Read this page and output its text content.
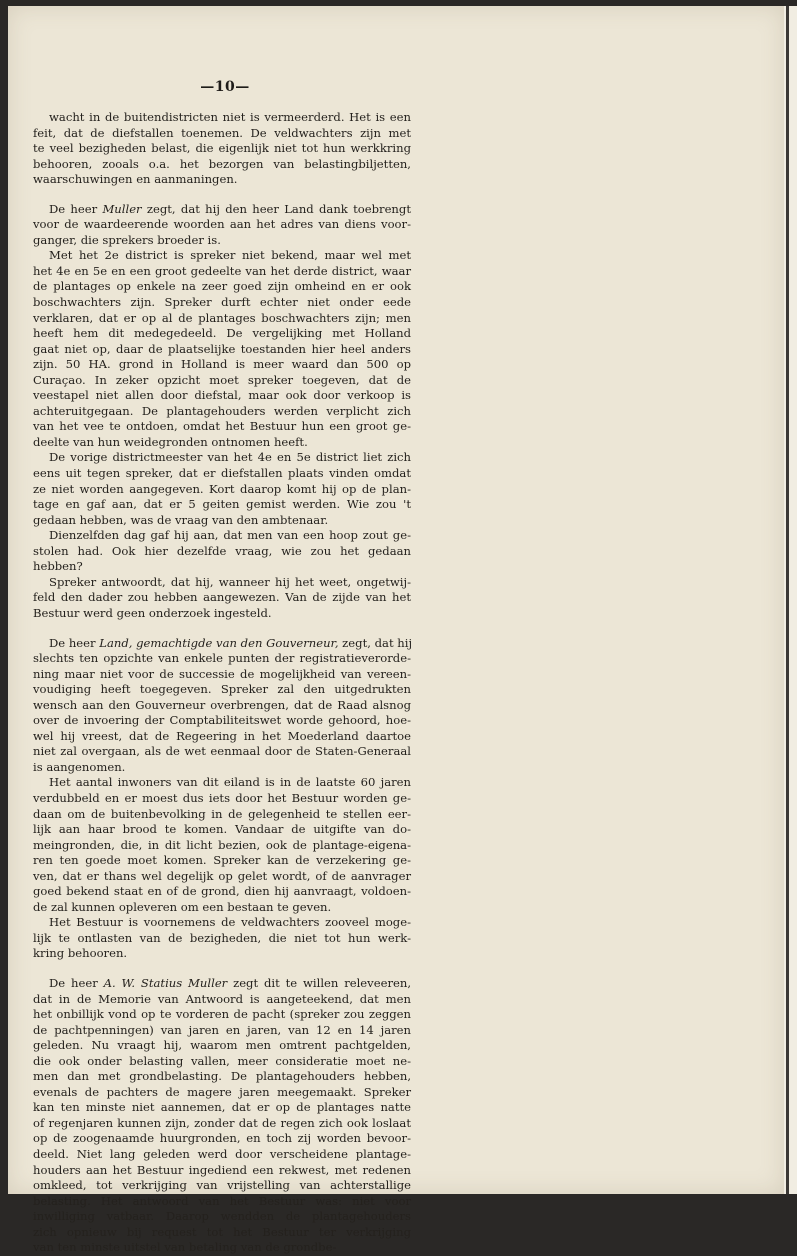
—10—
wacht in de buitendistricten niet is vermeerderd. Het is een
feit, dat de diefstallen toenemen. De veldwachters zijn met
te veel bezigheden belast, die eigenlijk niet tot hun werkkring
behooren, zooals o.a. het bezorgen van belastingbiljetten,
waarschuwingen en aanmaningen.
De heer Muller zegt, dat hij den heer Land dank toebrengt
voor de waardeerende woorden aan het adres van diens voor-
ganger, die sprekers broeder is.
Met het 2e district is spreker niet bekend, maar wel met
het 4e en 5e en een groot gedeelte van het derde district, waar
de plantages op enkele na zeer goed zijn omheind en er ook
boschwachters zijn. Spreker durft echter niet onder eede
verklaren, dat er op al de plantages boschwachters zijn; men
heeft hem dit medegedeeld. De vergelijking met Holland
gaat niet op, daar de plaatselijke toestanden hier heel anders
zijn. 50 HA. grond in Holland is meer waard dan 500 op
Curaçao. In zeker opzicht moet spreker toegeven, dat de
veestapel niet allen door diefstal, maar ook door verkoop is
achteruitgegaan. De plantagehouders werden verplicht zich
van het vee te ontdoen, omdat het Bestuur hun een groot ge-
deelte van hun weidegronden ontnomen heeft.
De vorige districtmeester van het 4e en 5e district liet zich
eens uit tegen spreker, dat er diefstallen plaats vinden omdat
ze niet worden aangegeven. Kort daarop komt hij op de plan-
tage en gaf aan, dat er 5 geiten gemist werden. Wie zou 't
gedaan hebben, was de vraag van den ambtenaar.
Dienzelfden dag gaf hij aan, dat men van een hoop zout ge-
stolen had. Ook hier dezelfde vraag, wie zou het gedaan
hebben?
Spreker antwoordt, dat hij, wanneer hij het weet, ongetwij-
feld den dader zou hebben aangewezen. Van de zijde van het
Bestuur werd geen onderzoek ingesteld.
De heer Land, gemachtigde van den Gouverneur, zegt, dat hij
slechts ten opzichte van enkele punten der registratieverorde-
ning maar niet voor de successie de mogelijkheid van vereen-
voudiging heeft toegegeven. Spreker zal den uitgedrukten
wensch aan den Gouverneur overbrengen, dat de Raad alsnog
over de invoering der Comptabiliteitswet worde gehoord, hoe-
wel hij vreest, dat de Regeering in het Moederland daartoe
niet zal overgaan, als de wet eenmaal door de Staten-Generaal
is aangenomen.
Het aantal inwoners van dit eiland is in de laatste 60 jaren
verdubbeld en er moest dus iets door het Bestuur worden ge-
daan om de buitenbevolking in de gelegenheid te stellen eer-
lijk aan haar brood te komen. Vandaar de uitgifte van do-
meingronden, die, in dit licht bezien, ook de plantage-eigena-
ren ten goede moet komen. Spreker kan de verzekering ge-
ven, dat er thans wel degelijk op gelet wordt, of de aanvrager
goed bekend staat en of de grond, dien hij aanvraagt, voldoen-
de zal kunnen opleveren om een bestaan te geven.
Het Bestuur is voornemens de veldwachters zooveel moge-
lijk te ontlasten van de bezigheden, die niet tot hun werk-
kring behooren.
De heer A. W. Statius Muller zegt dit te willen releveeren,
dat in de Memorie van Antwoord is aangeteekend, dat men
het onbillijk vond op te vorderen de pacht (spreker zou zeggen
de pachtpenningen) van jaren en jaren, van 12 en 14 jaren
geleden. Nu vraagt hij, waarom men omtrent pachtgelden,
die ook onder belasting vallen, meer consideratie moet ne-
men dan met grondbelasting. De plantagehouders hebben,
evenals de pachters de magere jaren meegemaakt. Spreker
kan ten minste niet aannemen, dat er op de plantages natte
of regenjaren kunnen zijn, zonder dat de regen zich ook loslaat
op de zoogenaamde huurgronden, en toch zij worden bevoor-
deeld. Niet lang geleden werd door verscheidene plantage-
houders aan het Bestuur ingediend een rekwest, met redenen
omkleed, tot verkrijging van vrijstelling van achterstallige
belasting. Het antwoord van het Bestuur was: niet voor
inwilliging vatbaar. Daarop wendden de plantagehouders
zich opnieuw bij request tot het Bestuur ter verkrijging
van ten minste uitstel van betaling van de grondbe-
